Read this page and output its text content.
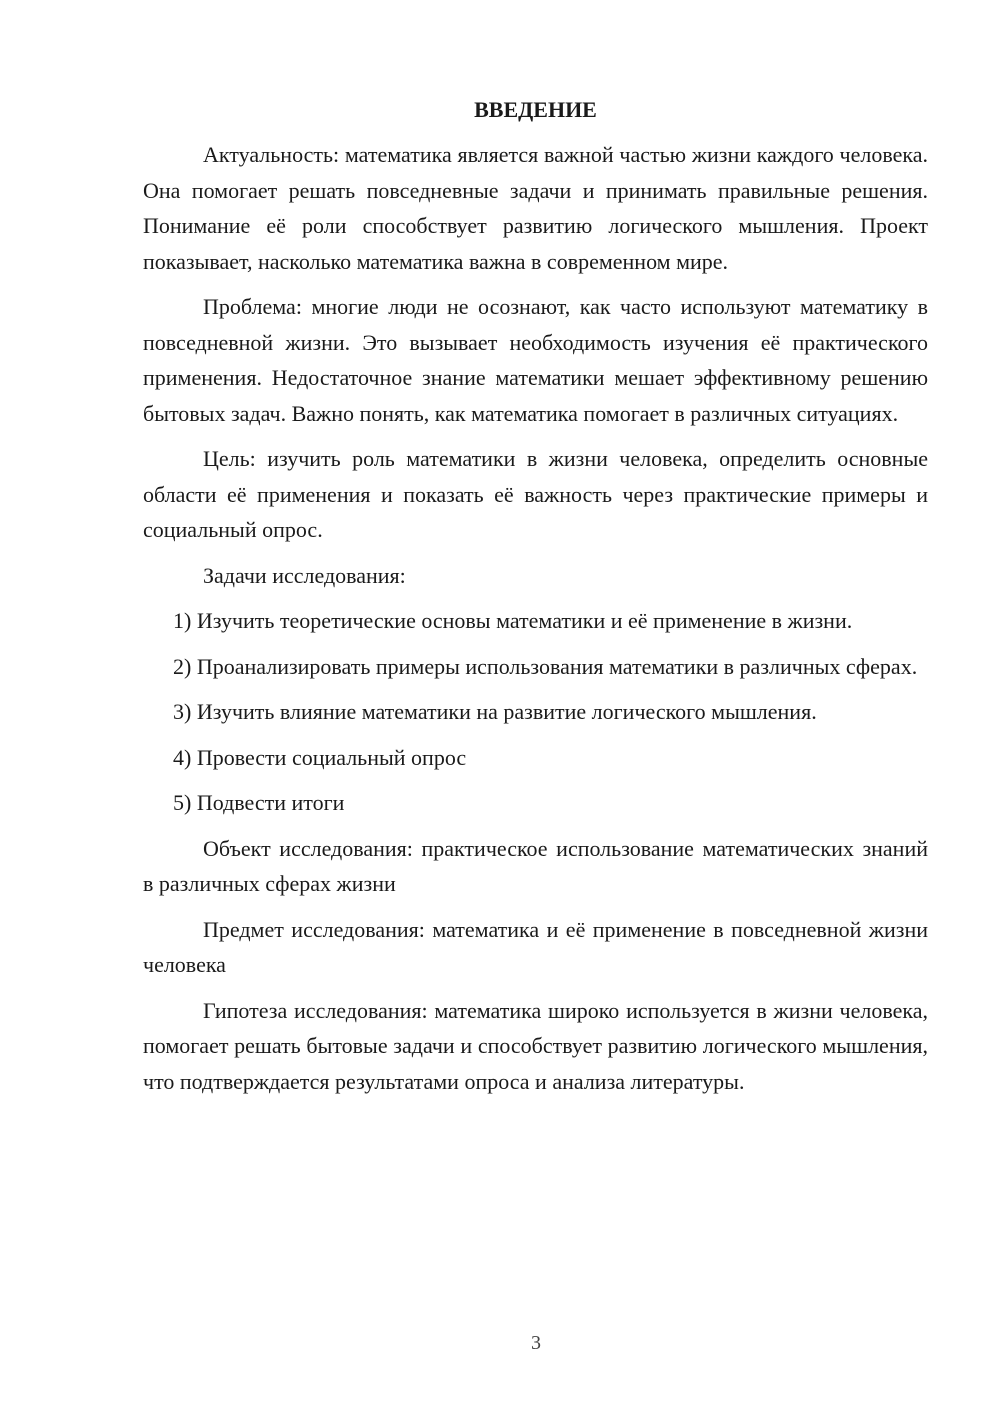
ВВЕДЕНИЕ

Актуальность: математика является важной частью жизни каждого человека. Она помогает решать повседневные задачи и принимать правильные решения. Понимание её роли способствует развитию логического мышления. Проект показывает, насколько математика важна в современном мире.

Проблема: многие люди не осознают, как часто используют математику в повседневной жизни. Это вызывает необходимость изучения её практического применения. Недостаточное знание математики мешает эффективному решению бытовых задач. Важно понять, как математика помогает в различных ситуациях.

Цель: изучить роль математики в жизни человека, определить основные области её применения и показать её важность через практические примеры и социальный опрос.

Задачи исследования:

1) Изучить теоретические основы математики и её применение в жизни.

2) Проанализировать примеры использования математики в различных сферах.

3) Изучить влияние математики на развитие логического мышления.

4) Провести социальный опрос

5) Подвести итоги

Объект исследования: практическое использование математических знаний в различных сферах жизни

Предмет исследования: математика и её применение в повседневной жизни человека

Гипотеза исследования: математика широко используется в жизни человека, помогает решать бытовые задачи и способствует развитию логического мышления, что подтверждается результатами опроса и анализа литературы.

3
